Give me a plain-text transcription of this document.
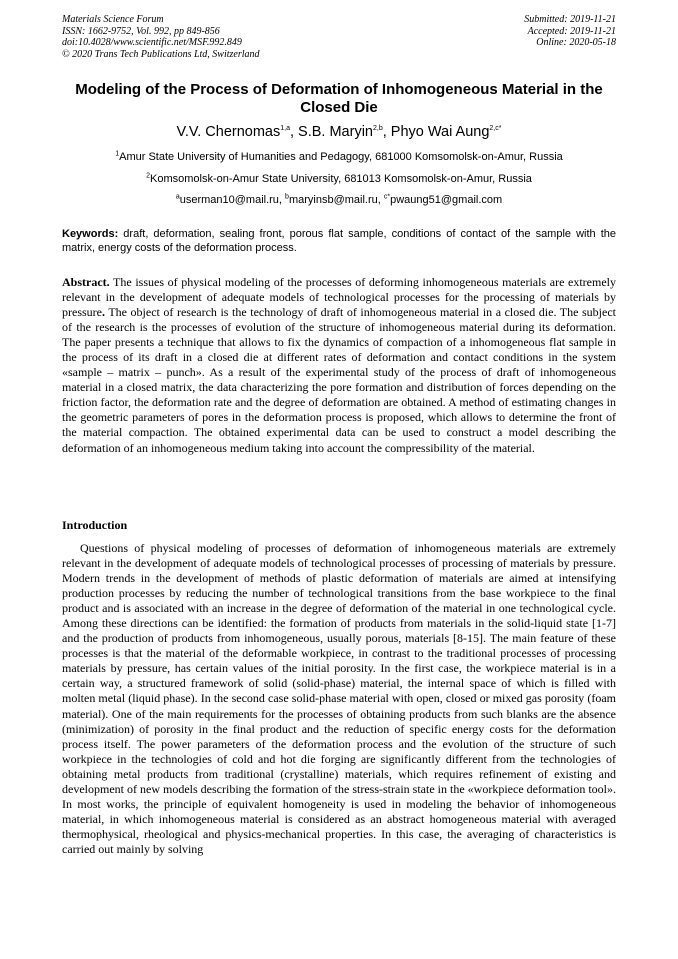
Materials Science Forum
ISSN: 1662-9752, Vol. 992, pp 849-856
doi:10.4028/www.scientific.net/MSF.992.849
© 2020 Trans Tech Publications Ltd, Switzerland
Submitted: 2019-11-21
Accepted: 2019-11-21
Online: 2020-05-18
Modeling of the Process of Deformation of Inhomogeneous Material in the Closed Die
V.V. Chernomas$^{1,a}$, S.B. Maryin$^{2,b}$, Phyo Wai Aung$^{2,c*}$
$^1$Amur State University of Humanities and Pedagogy, 681000 Komsomolsk-on-Amur, Russia
$^2$Komsomolsk-on-Amur State University, 681013 Komsomolsk-on-Amur, Russia
$^a$userman10@mail.ru, $^b$maryinsb@mail.ru, $^{c*}$pwaung51@gmail.com
Keywords: draft, deformation, sealing front, porous flat sample, conditions of contact of the sample with the matrix, energy costs of the deformation process.
Abstract. The issues of physical modeling of the processes of deforming inhomogeneous materials are extremely relevant in the development of adequate models of technological processes for the processing of materials by pressure. The object of research is the technology of draft of inhomogeneous material in a closed die. The subject of the research is the processes of evolution of the structure of inhomogeneous material during its deformation. The paper presents a technique that allows to fix the dynamics of compaction of a inhomogeneous flat sample in the process of its draft in a closed die at different rates of deformation and contact conditions in the system «sample – matrix – punch». As a result of the experimental study of the process of draft of inhomogeneous material in a closed matrix, the data characterizing the pore formation and distribution of forces depending on the friction factor, the deformation rate and the degree of deformation are obtained. A method of estimating changes in the geometric parameters of pores in the deformation process is proposed, which allows to determine the front of the material compaction. The obtained experimental data can be used to construct a model describing the deformation of an inhomogeneous medium taking into account the compressibility of the material.
Introduction
Questions of physical modeling of processes of deformation of inhomogeneous materials are extremely relevant in the development of adequate models of technological processes of processing of materials by pressure. Modern trends in the development of methods of plastic deformation of materials are aimed at intensifying production processes by reducing the number of technological transitions from the base workpiece to the final product and is associated with an increase in the degree of deformation of the material in one technological cycle. Among these directions can be identified: the formation of products from materials in the solid-liquid state [1-7] and the production of products from inhomogeneous, usually porous, materials [8-15]. The main feature of these processes is that the material of the deformable workpiece, in contrast to the traditional processes of processing materials by pressure, has certain values of the initial porosity. In the first case, the workpiece material is in a certain way, a structured framework of solid (solid-phase) material, the internal space of which is filled with molten metal (liquid phase). In the second case solid-phase material with open, closed or mixed gas porosity (foam material). One of the main requirements for the processes of obtaining products from such blanks are the absence (minimization) of porosity in the final product and the reduction of specific energy costs for the deformation process itself. The power parameters of the deformation process and the evolution of the structure of such workpiece in the technologies of cold and hot die forging are significantly different from the technologies of obtaining metal products from traditional (crystalline) materials, which requires refinement of existing and development of new models describing the formation of the stress-strain state in the «workpiece deformation tool». In most works, the principle of equivalent homogeneity is used in modeling the behavior of inhomogeneous material, in which inhomogeneous material is considered as an abstract homogeneous material with averaged thermophysical, rheological and physics-mechanical properties. In this case, the averaging of characteristics is carried out mainly by solving
